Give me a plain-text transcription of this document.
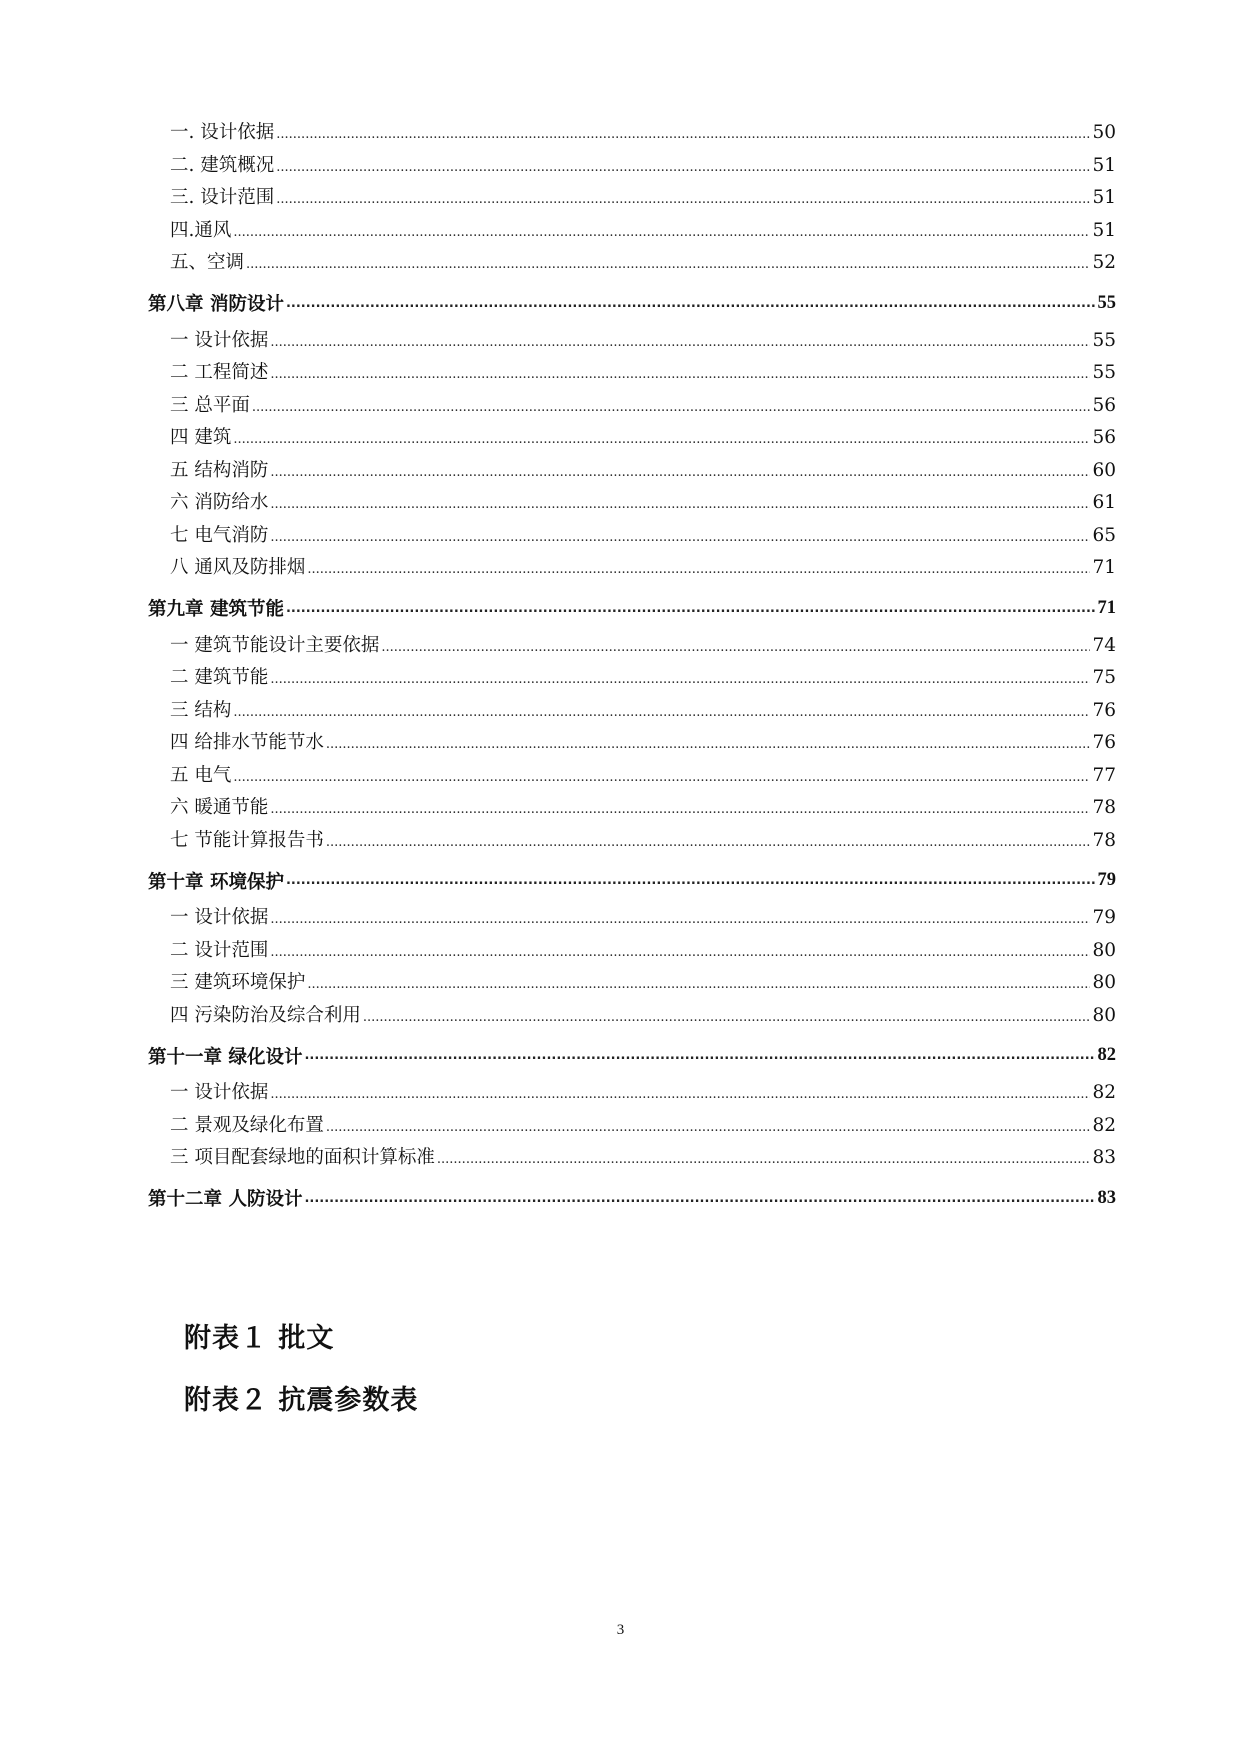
一. 设计依据 .....	50
二. 建筑概况 .....	51
三. 设计范围 .....	51
四.通风 .....	51
五、空调 .....	52
第八章 消防设计 .....	55
一 设计依据 .....	55
二 工程简述 .....	55
三 总平面 .....	56
四 建筑 .....	56
五 结构消防 .....	60
六 消防给水 .....	61
七 电气消防 .....	65
八 通风及防排烟 .....	71
第九章 建筑节能 .....	71
一 建筑节能设计主要依据 .....	74
二 建筑节能 .....	75
三 结构 .....	76
四 给排水节能节水 .....	76
五 电气 .....	77
六 暖通节能 .....	78
七 节能计算报告书 .....	78
第十章 环境保护 .....	79
一 设计依据 .....	79
二 设计范围 .....	80
三 建筑环境保护 .....	80
四 污染防治及综合利用 .....	80
第十一章 绿化设计 .....	82
一 设计依据 .....	82
二 景观及绿化布置 .....	82
三 项目配套绿地的面积计算标准 .....	83
第十二章 人防设计 .....	83
附表１ 批文
附表２ 抗震参数表
3
